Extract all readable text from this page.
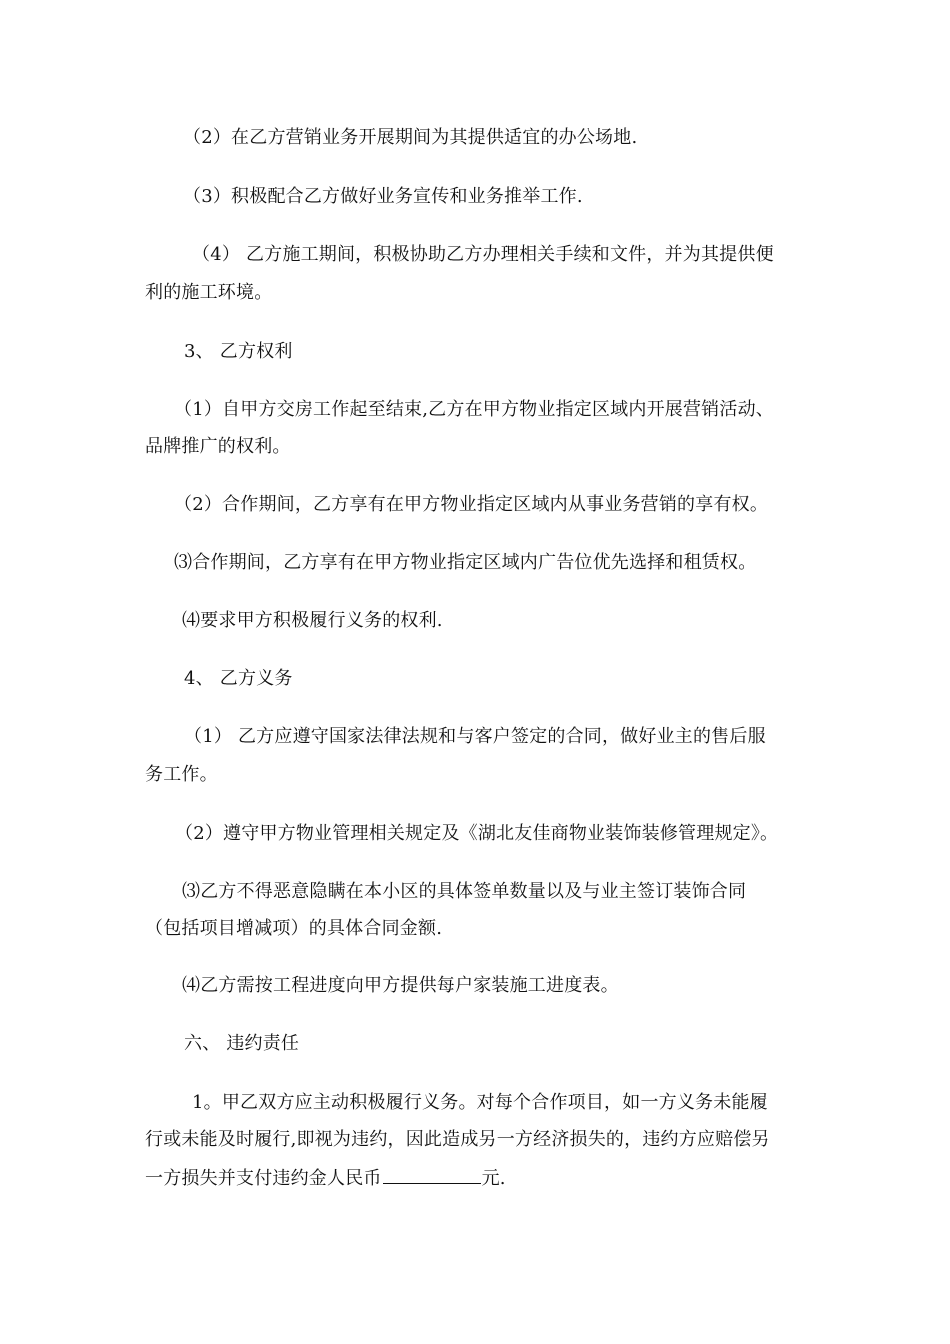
（2）在乙方营销业务开展期间为其提供适宜的办公场地.
（3）积极配合乙方做好业务宣传和业务推举工作.
（4） 乙方施工期间，积极协助乙方办理相关手续和文件，并为其提供便
利的施工环境。
3、 乙方权利
（1）自甲方交房工作起至结束,乙方在甲方物业指定区域内开展营销活动、
品牌推广的权利。
（2）合作期间，乙方享有在甲方物业指定区域内从事业务营销的享有权。
⑶合作期间，乙方享有在甲方物业指定区域内广告位优先选择和租赁权。
⑷要求甲方积极履行义务的权利.
4、 乙方义务
（1） 乙方应遵守国家法律法规和与客户签定的合同，做好业主的售后服
务工作。
（2）遵守甲方物业管理相关规定及《湖北友佳商物业装饰装修管理规定》。
⑶乙方不得恶意隐瞒在本小区的具体签单数量以及与业主签订装饰合同
（包括项目增减项）的具体合同金额.
⑷乙方需按工程进度向甲方提供每户家装施工进度表。
六、 违约责任
1。甲乙双方应主动积极履行义务。对每个合作项目，如一方义务未能履
行或未能及时履行,即视为违约，因此造成另一方经济损失的，违约方应赔偿另
一方损失并支付违约金人民币	元.
